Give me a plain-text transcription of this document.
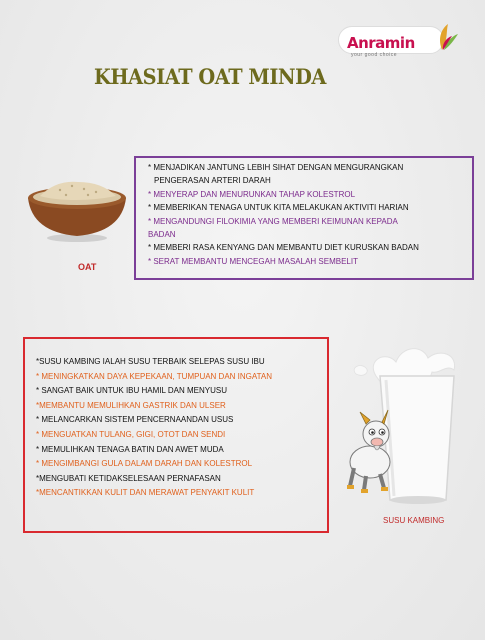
Anramin
your good choice
KHASIAT OAT MINDA
OAT
* MENJADIKAN JANTUNG LEBIH SIHAT DENGAN MENGURANGKAN
PENGERASAN ARTERI DARAH
* MENYERAP DAN MENURUNKAN TAHAP KOLESTROL
* MEMBERIKAN TENAGA UNTUK KITA MELAKUKAN AKTIVITI HARIAN
* MENGANDUNGI FILOKIMIA YANG MEMBERI KEIMUNAN KEPADA
BADAN
* MEMBERI RASA KENYANG DAN MEMBANTU DIET KURUSKAN BADAN
* SERAT MEMBANTU MENCEGAH MASALAH SEMBELIT
*SUSU KAMBING IALAH SUSU TERBAIK SELEPAS SUSU IBU
* MENINGKATKAN DAYA KEPEKAAN, TUMPUAN DAN INGATAN
* SANGAT BAIK UNTUK IBU HAMIL DAN MENYUSU
*MEMBANTU MEMULIHKAN GASTRIK DAN ULSER
* MELANCARKAN SISTEM PENCERNAANDAN USUS
* MENGUATKAN TULANG, GIGI, OTOT DAN SENDI
* MEMULIHKAN TENAGA BATIN DAN AWET MUDA
* MENGIMBANGI GULA DALAM DARAH DAN KOLESTROL
*MENGUBATI KETIDAKSELESAAN PERNAFASAN
*MENCANTIKKAN KULIT DAN MERAWAT PENYAKIT KULIT
SUSU KAMBING
